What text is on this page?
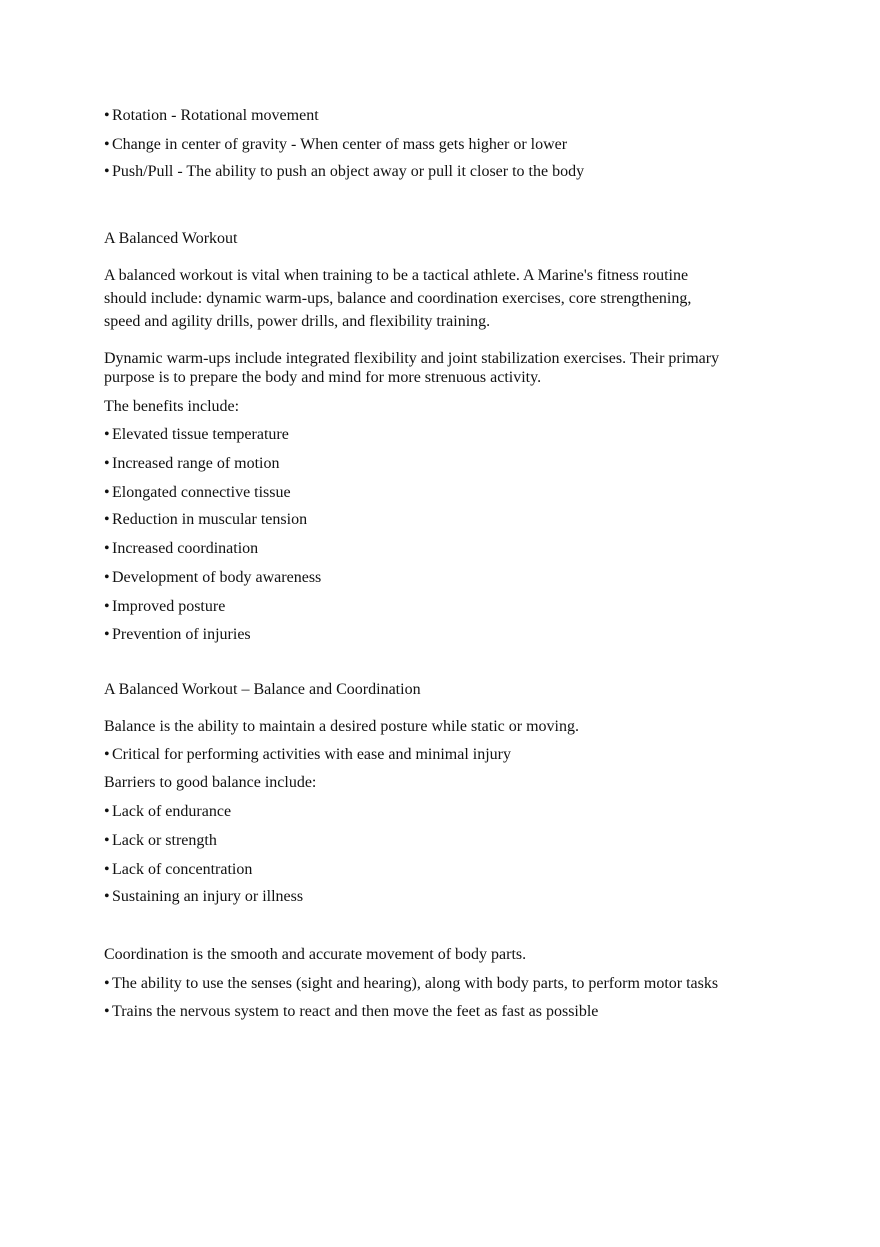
• Rotation - Rotational movement
• Change in center of gravity - When center of mass gets higher or lower
• Push/Pull - The ability to push an object away or pull it closer to the body
A Balanced Workout
A balanced workout is vital when training to be a tactical athlete. A Marine's fitness routine
should include: dynamic warm-ups, balance and coordination exercises, core strengthening,
speed and agility drills, power drills, and flexibility training.
Dynamic warm-ups include integrated flexibility and joint stabilization exercises. Their primary
purpose is to prepare the body and mind for more strenuous activity.
The benefits include:
• Elevated tissue temperature
• Increased range of motion
• Elongated connective tissue
• Reduction in muscular tension
• Increased coordination
• Development of body awareness
• Improved posture
• Prevention of injuries
A Balanced Workout – Balance and Coordination
Balance is the ability to maintain a desired posture while static or moving.
• Critical for performing activities with ease and minimal injury
Barriers to good balance include:
• Lack of endurance
• Lack or strength
• Lack of concentration
• Sustaining an injury or illness
Coordination is the smooth and accurate movement of body parts.
• The ability to use the senses (sight and hearing), along with body parts, to perform motor tasks
• Trains the nervous system to react and then move the feet as fast as possible
